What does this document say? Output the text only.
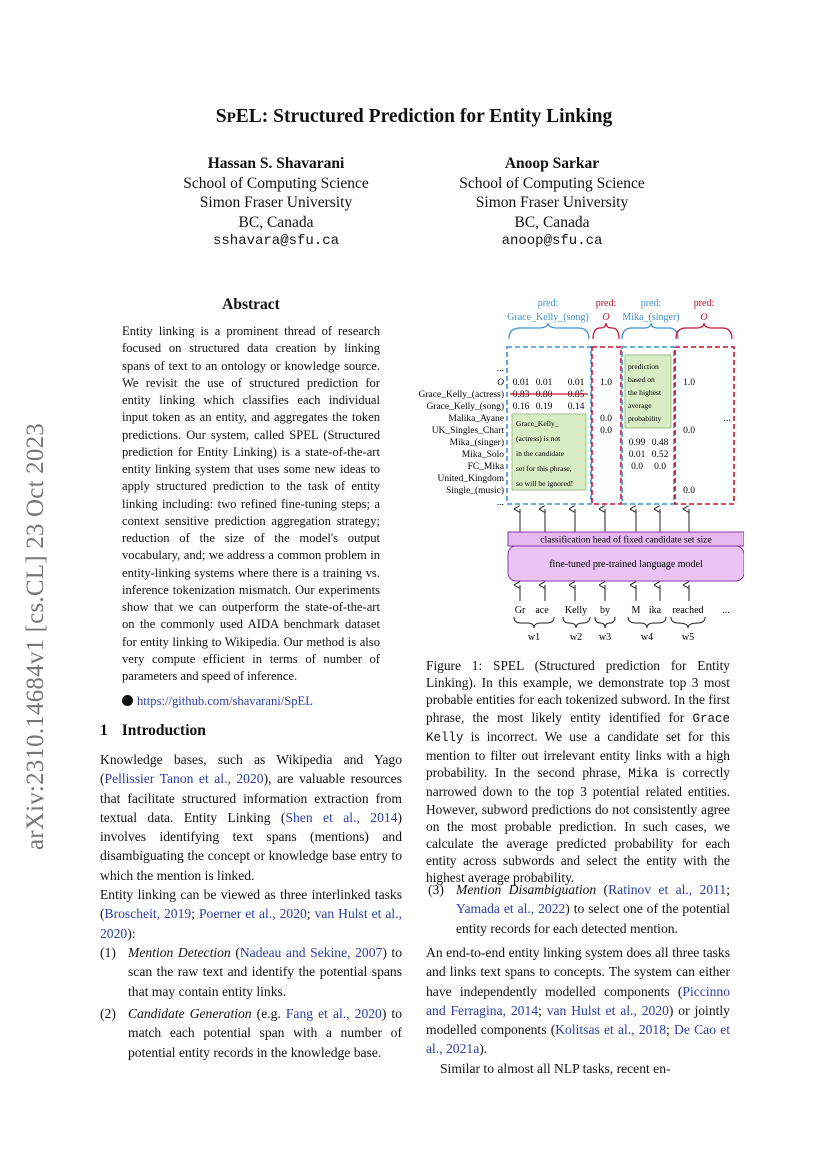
SPEL: Structured Prediction for Entity Linking
Hassan S. Shavarani
School of Computing Science
Simon Fraser University
BC, Canada
sshavara@sfu.ca
Anoop Sarkar
School of Computing Science
Simon Fraser University
BC, Canada
anoop@sfu.ca
arXiv:2310.14684v1 [cs.CL] 23 Oct 2023
Abstract
Entity linking is a prominent thread of research focused on structured data creation by linking spans of text to an ontology or knowledge source. We revisit the use of structured prediction for entity linking which classifies each individual input token as an entity, and aggregates the token predictions. Our system, called SPEL (Structured prediction for Entity Linking) is a state-of-the-art entity linking system that uses some new ideas to apply structured prediction to the task of entity linking including: two refined fine-tuning steps; a context sensitive prediction aggregation strategy; reduction of the size of the model's output vocabulary, and; we address a common problem in entity-linking systems where there is a training vs. inference tokenization mismatch. Our experiments show that we can outperform the state-of-the-art on the commonly used AIDA benchmark dataset for entity linking to Wikipedia. Our method is also very compute efficient in terms of number of parameters and speed of inference.
https://github.com/shavarani/SpEL
1 Introduction
Knowledge bases, such as Wikipedia and Yago (Pellissier Tanon et al., 2020), are valuable resources that facilitate structured information extraction from textual data. Entity Linking (Shen et al., 2014) involves identifying text spans (mentions) and disambiguating the concept or knowledge base entry to which the mention is linked.
Entity linking can be viewed as three interlinked tasks (Broscheit, 2019; Poerner et al., 2020; van Hulst et al., 2020):
(1) Mention Detection (Nadeau and Sekine, 2007) to scan the raw text and identify the potential spans that may contain entity links.
(2) Candidate Generation (e.g. Fang et al., 2020) to match each potential span with a number of potential entity records in the knowledge base.
pred:
Grace_Kelly_(song)
pred:
O
pred:
Mika_(singer)
pred:
O
...
O
Grace_Kelly_(actress)
Grace_Kelly_(song)
Malika_Ayane
UK_Singles_Chart
Mika_(singer)
Mika_Solo
FC_Mika
United_Kingdom
Single_(music)
...
0.01 0.01 0.01
0.83 0.80 0.85
0.16 0.19 0.14
Grace_Kelly_
(actress) is not
in the candidate
set for this phrase,
so will be ignored!
1.0
0.0
0.0
prediction
based on
the highest
average
probability
0.99 0.48
0.01 0.52
0.0 0.0
1.0
0.0
0.0
...
classification head of fixed candidate set size
fine-tuned pre-trained language model
Gr ace Kelly by M ika reached ...
w1	w2 w3	w4	w5
Figure 1: SPEL (Structured prediction for Entity Linking). In this example, we demonstrate top 3 most probable entities for each tokenized subword. In the first phrase, the most likely entity identified for Grace Kelly is incorrect. We use a candidate set for this mention to filter out irrelevant entity links with a high probability. In the second phrase, Mika is correctly narrowed down to the top 3 potential related entities. However, subword predictions do not consistently agree on the most probable prediction. In such cases, we calculate the average predicted probability for each entity across subwords and select the entity with the highest average probability.
(3) Mention Disambiguation (Ratinov et al., 2011; Yamada et al., 2022) to select one of the potential entity records for each detected mention.
An end-to-end entity linking system does all three tasks and links text spans to concepts. The system can either have independently modelled components (Piccinno and Ferragina, 2014; van Hulst et al., 2020) or jointly modelled components (Kolitsas et al., 2018; De Cao et al., 2021a).
Similar to almost all NLP tasks, recent en-
